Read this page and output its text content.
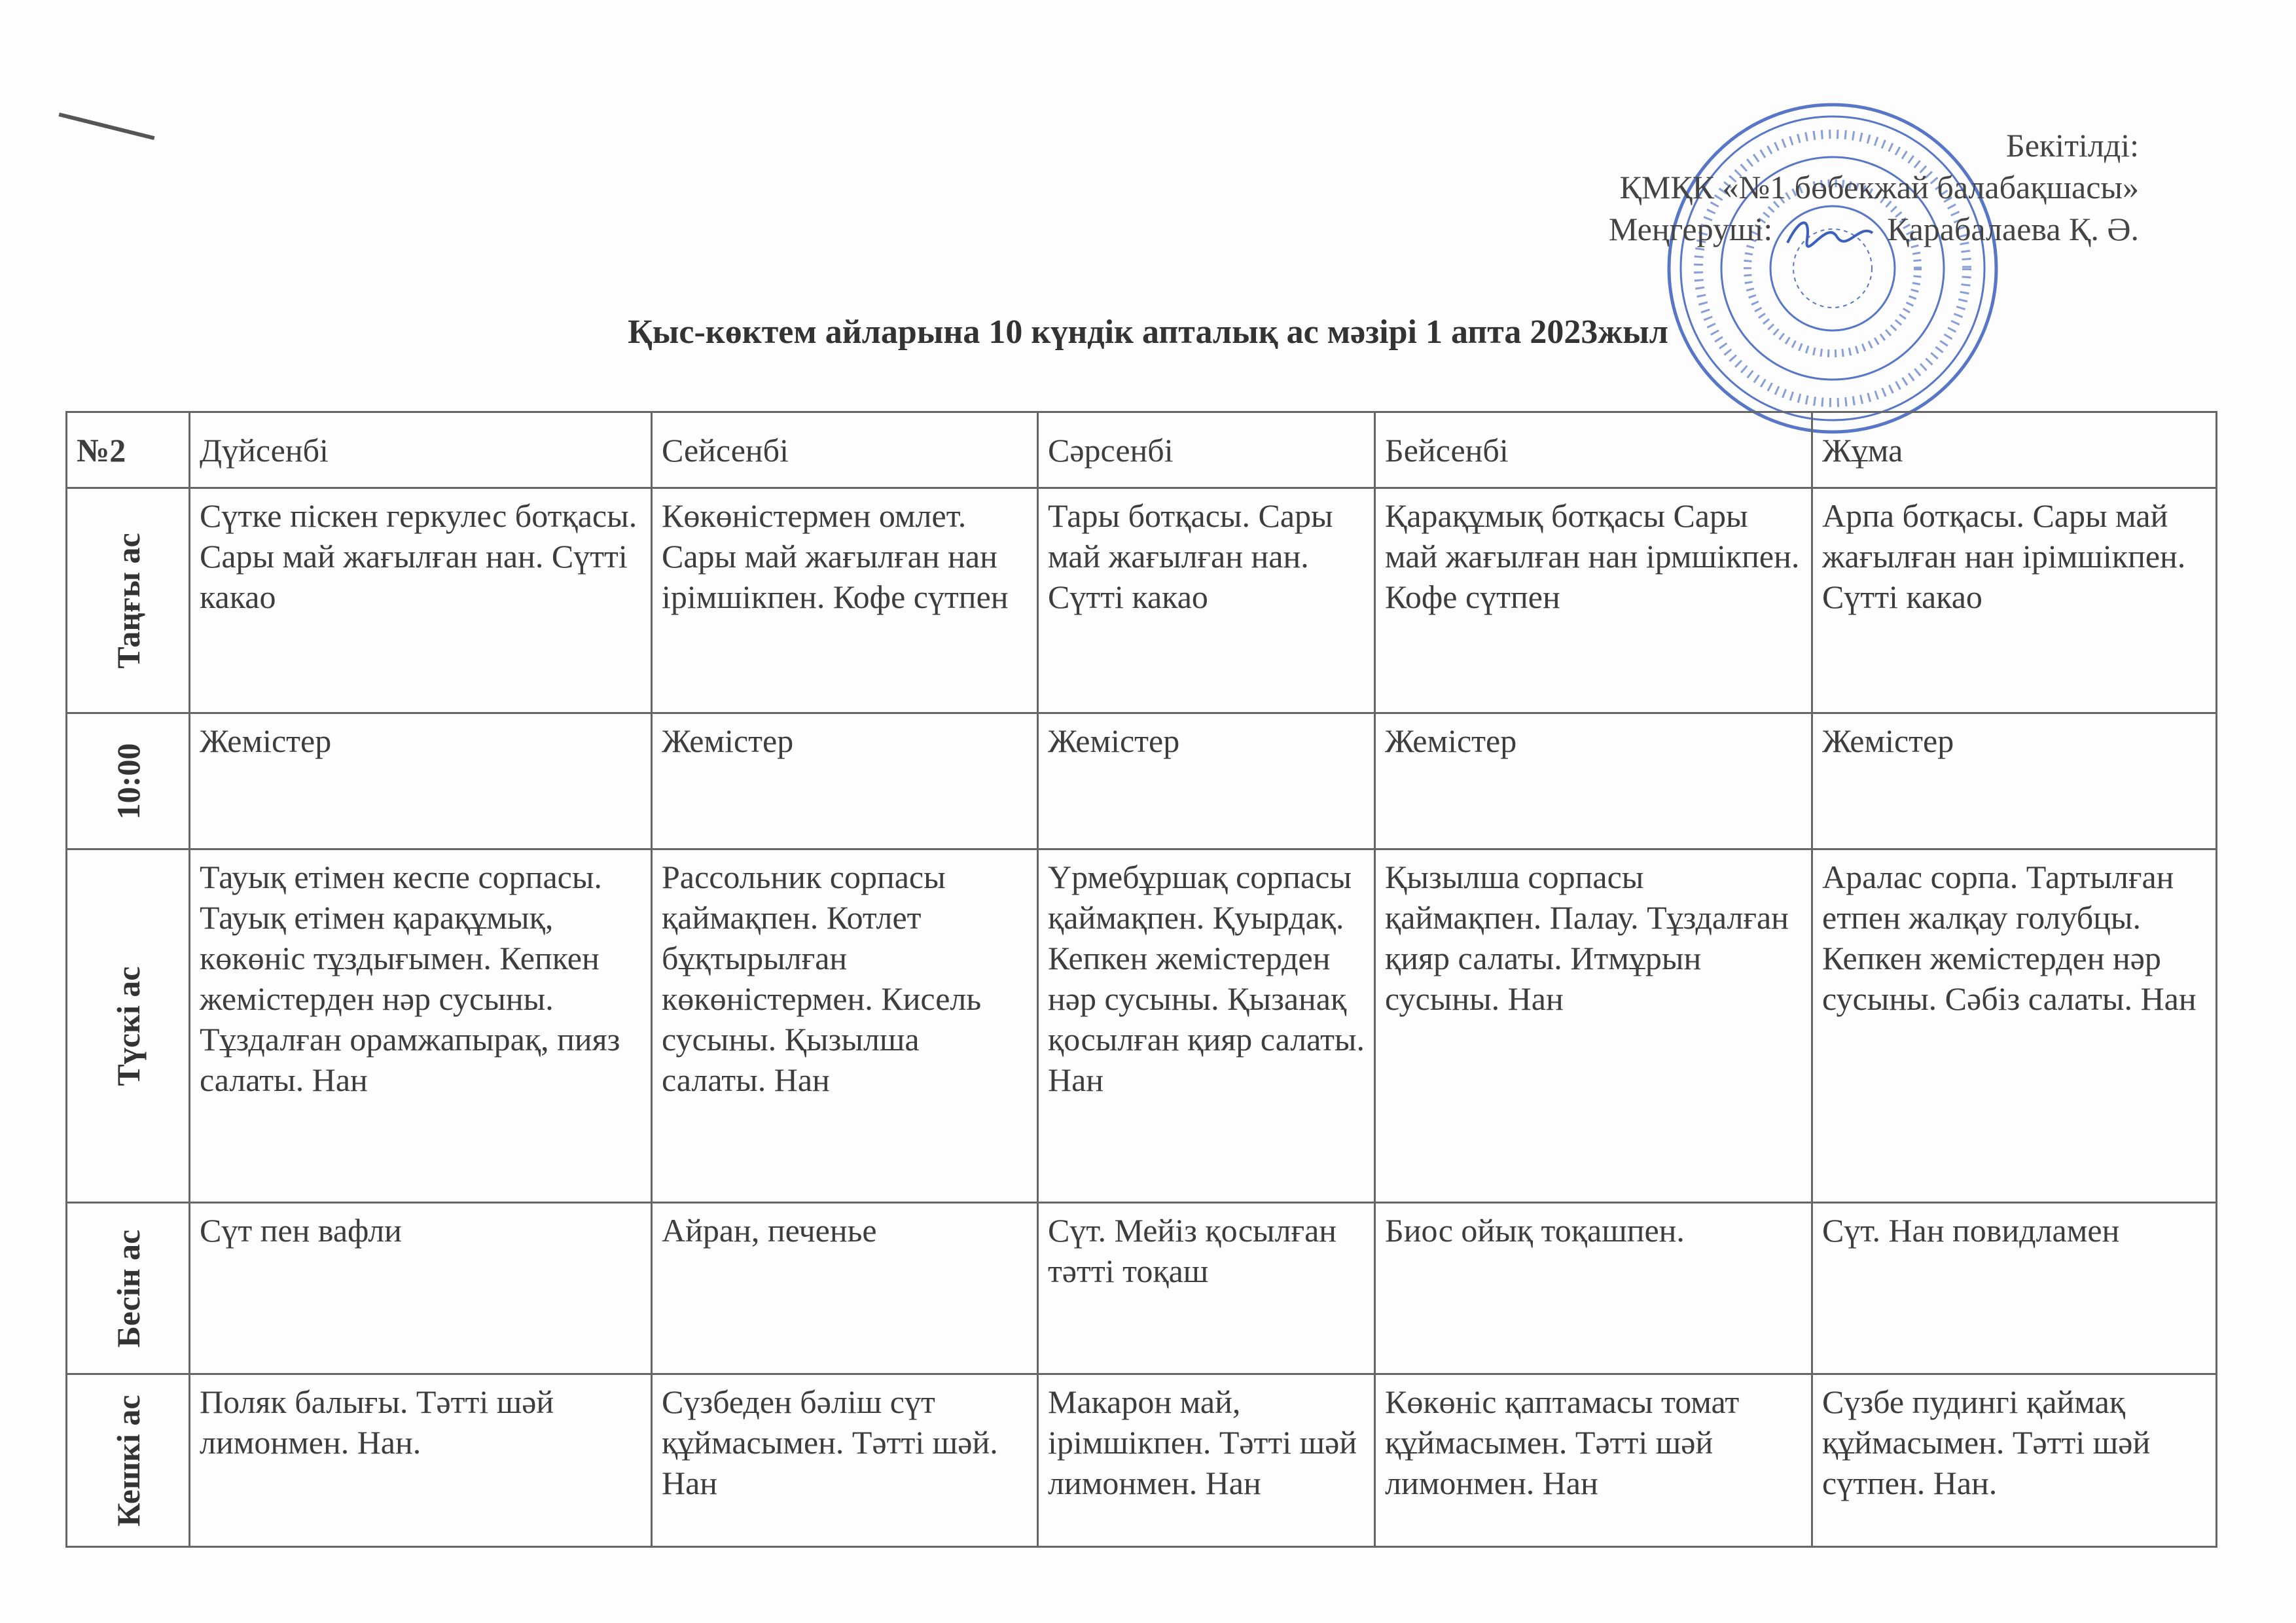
Бекітілді:
ҚМҚК «№1 бөбекжай балабақшасы»
Меңгеруші:	Қарабалаева Қ. Ә.
Қыс-көктем айларына 10 күндік апталық ас мәзірі 1 апта 2023жыл
№2	Дүйсенбі	Сейсенбі	Сәрсенбі	Бейсенбі	Жұма

Таңғы ас	Сүтке піскен геркулес ботқасы. Сары май жағылған нан. Сүтті какао	Көкөністермен омлет. Сары май жағылған нан ірімшікпен. Кофе сүтпен	Тары ботқасы. Сары май жағылған нан. Сүтті какао	Қарақұмық ботқасы Сары май жағылған нан ірмшікпен. Кофе сүтпен	Арпа ботқасы. Сары май жағылған нан ірімшікпен. Сүтті какао

10:00	Жемістер	Жемістер	Жемістер	Жемістер	Жемістер

Түскі ас	Тауық етімен кеспе сорпасы. Тауық етімен қарақұмық, көкөніс тұздығымен. Кепкен жемістерден нәр сусыны. Тұздалған орамжапырақ, пияз салаты. Нан	Рассольник сорпасы қаймақпен. Котлет бұқтырылған көкөністермен. Кисель сусыны. Қызылша салаты. Нан	Үрмебұршақ сорпасы қаймақпен. Қуырдақ. Кепкен жемістерден нәр сусыны. Қызанақ қосылған қияр салаты. Нан	Қызылша сорпасы қаймақпен. Палау. Тұздалған қияр салаты. Итмұрын сусыны. Нан	Аралас сорпа. Тартылған етпен жалқау голубцы. Кепкен жемістерден нәр сусыны. Сәбіз салаты. Нан

Бесін ас	Сүт пен вафли	Айран, печенье	Сүт. Мейіз қосылған тәтті тоқаш	Биос ойық тоқашпен.	Сүт. Нан повидламен

Кешкі ас	Поляк балығы. Тәтті шәй лимонмен. Нан.	Сүзбеден бәліш сүт құймасымен. Тәтті шәй. Нан	Макарон май, ірімшікпен. Тәтті шәй лимонмен. Нан	Көкөніс қаптамасы томат құймасымен. Тәтті шәй лимонмен. Нан	Сүзбе пудингі қаймақ құймасымен. Тәтті шәй сүтпен. Нан.
